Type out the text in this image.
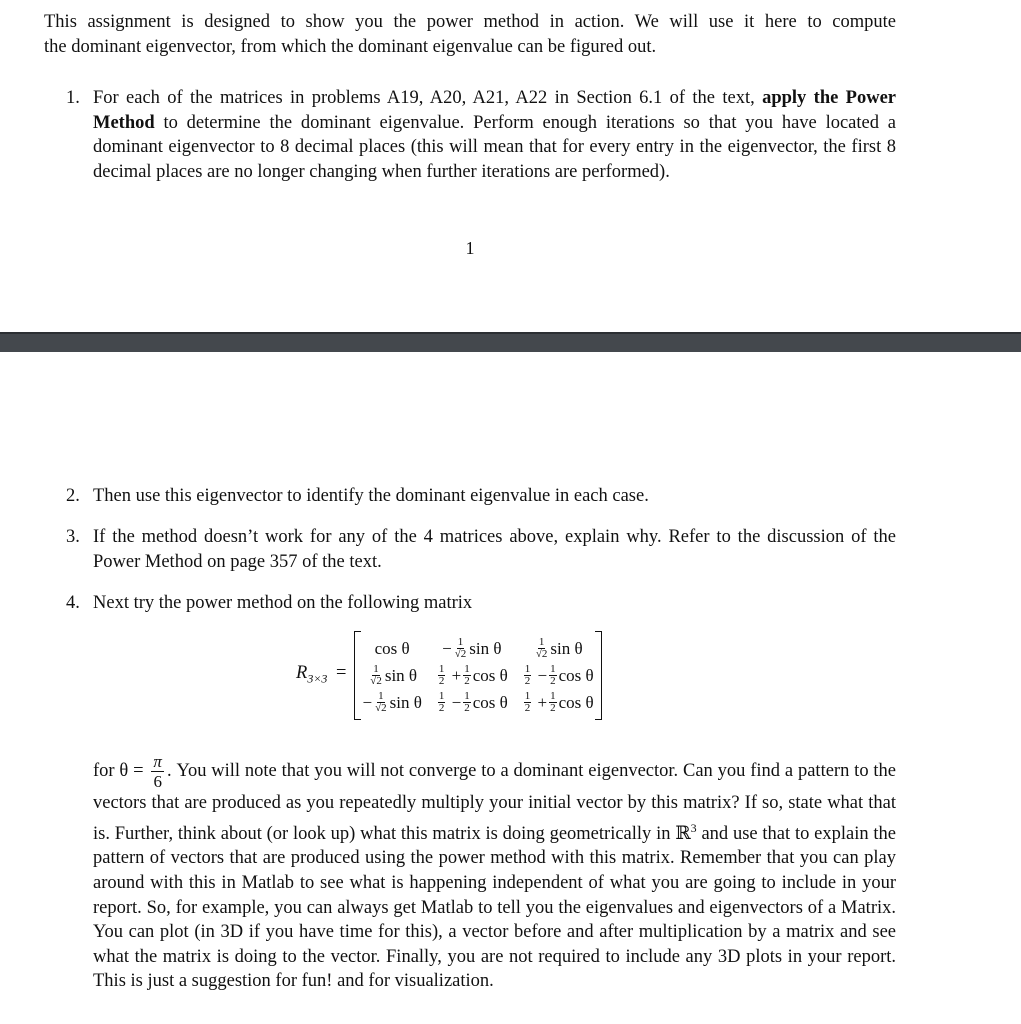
This assignment is designed to show you the power method in action. We will use it here to compute

the dominant eigenvector, from which the dominant eigenvalue can be figured out.

1. For each of the matrices in problems A19, A20, A21, A22 in Section 6.1 of the text, apply the Power Method to determine the dominant eigenvalue. Perform enough iterations so that you have located a dominant eigenvector to 8 decimal places (this will mean that for every entry in the eigenvector, the first 8 decimal places are no longer changing when further iterations are performed).
1
2. Then use this eigenvector to identify the dominant eigenvalue in each case.
3. If the method doesn’t work for any of the 4 matrices above, explain why. Refer to the discussion of the Power Method on page 357 of the text.
4. Next try the power method on the following matrix
$R_{3\times 3}$ =
$\cos \theta - \frac{1}{√2}$ sin θ	$\frac{1}{√2}$ sin θ
$\frac{1}{√2}$ sin θ $\frac{1}{2}$
+ $\frac{1}{2}$ cos θ $\frac{1}{2}$
− $\frac{1}{2}$ cos θ
− $\frac{1}{√2}$ sin θ $\frac{1}{2}$
− $\frac{1}{2}$ cos θ $\frac{1}{2}$
+ $\frac{1}{2}$ cos θ
for $\theta = \frac{\pi}{6}$ . You will note that you will not converge to a dominant eigenvector. Can you find a pattern to the vectors that are produced as you repeatedly multiply your initial vector by this matrix? If so, state what that is. Further, think about (or look up) what this matrix is doing geometrically in ℝ$^3$ and use that to explain the pattern of vectors that are produced using the power method with this matrix. Remember that you can play around with this in Matlab to see what is happening independent of what you are going to include in your report. So, for example, you can always get Matlab to tell you the eigenvalues and eigenvectors of a Matrix. You can plot (in 3D if you have time for this), a vector before and after multiplication by a matrix and see what the matrix is doing to the vector. Finally, you are not required to include any 3D plots in your report. This is just a suggestion for fun! and for visualization.
